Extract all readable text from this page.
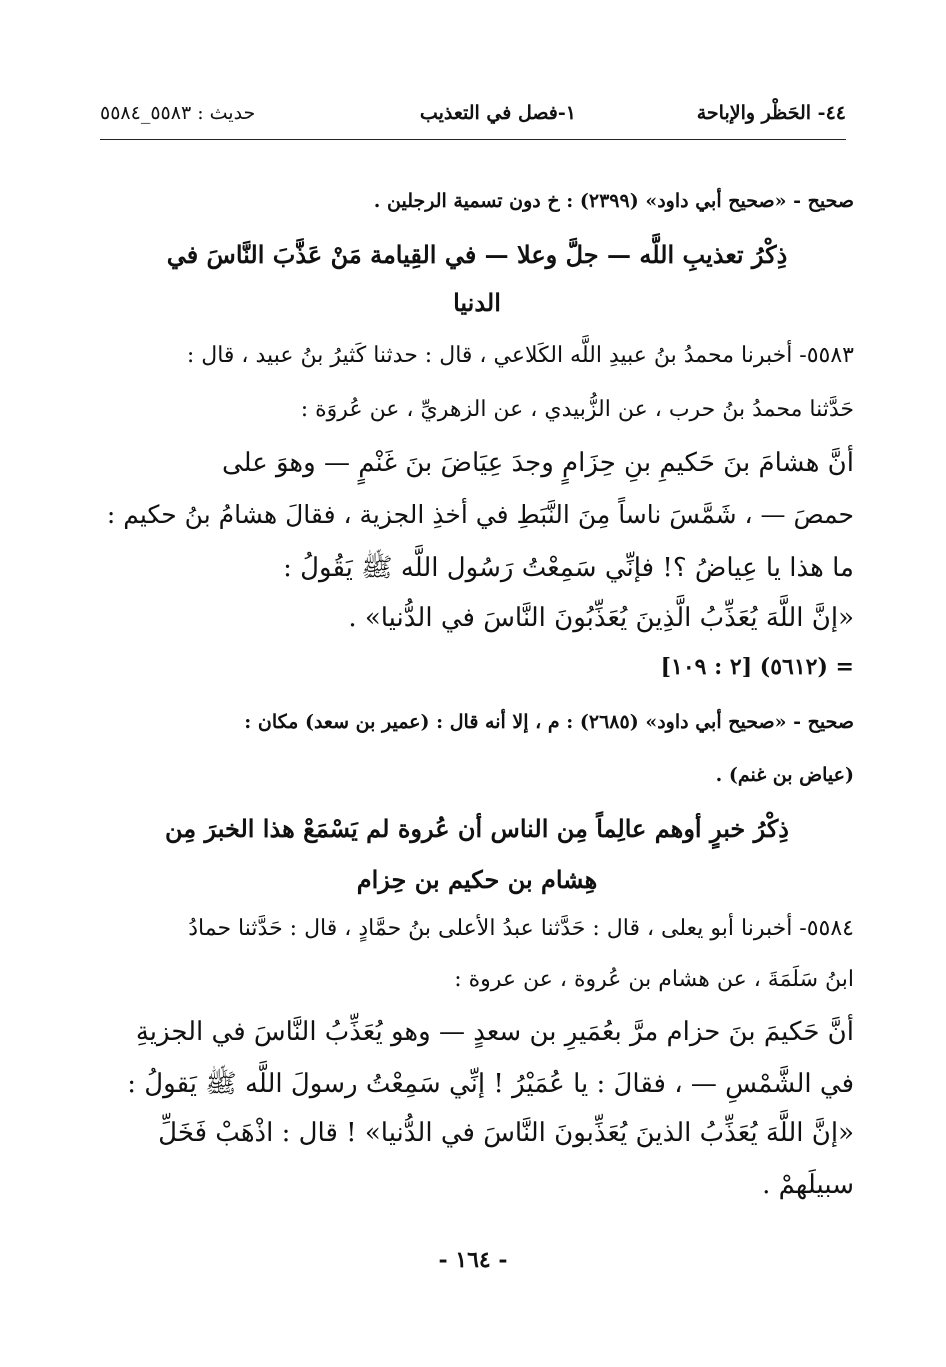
٤٤- الحَظْر والإباحة
١-فصل في التعذيب
حديث : ٥٥٨٣_٥٥٨٤
صحيح - «صحيح أبي داود» (٢٣٩٩) : خ دون تسمية الرجلين .
ذِكْرُ تعذيبِ اللَّه — جلَّ وعلا — في القِيامة مَنْ عَذَّبَ النَّاسَ في
الدنيا
٥٥٨٣- أخبرنا محمدُ بنُ عبيدِ اللَّه الكَلاعي ، قال : حدثنا كَثيرُ بنُ عبيد ، قال :
حَدَّثنا محمدُ بنُ حرب ، عن الزُّبيدي ، عن الزهريِّ ، عن عُروَة :
أنَّ هشامَ بنَ حَكيمِ بنِ حِزَامٍ وجدَ عِيَاضَ بنَ غَنْمٍ — وهوَ على
حمصَ — ، شَمَّسَ ناساً مِنَ النَّبَطِ في أخذِ الجزية ، فقالَ هشامُ بنُ حكيم :
ما هذا يا عِياضُ ؟! فإنِّي سَمِعْتُ رَسُول اللَّه ﷺ يَقُولُ :
«إنَّ اللَّهَ يُعَذِّبُ الَّذِينَ يُعَذِّبُونَ النَّاسَ في الدُّنيا» .
= (٥٦١٢) [٢ : ١٠٩]
صحيح - «صحيح أبي داود» (٢٦٨٥) : م ، إلا أنه قال : (عمير بن سعد) مكان :
(عياض بن غنم) .
ذِكْرُ خبرٍ أوهم عالِماً مِن الناس أن عُروة لم يَسْمَعْ هذا الخبرَ مِن
هِشام بن حكيم بن حِزام
٥٥٨٤- أخبرنا أبو يعلى ، قال : حَدَّثنا عبدُ الأعلى بنُ حمَّادٍ ، قال : حَدَّثنا حمادُ
ابنُ سَلَمَةَ ، عن هشام بن عُروة ، عن عروة :
أنَّ حَكيمَ بنَ حزام مرَّ بعُمَيرِ بن سعدٍ — وهو يُعَذِّبُ النَّاسَ في الجزيةِ
في الشَّمْسِ — ، فقالَ : يا عُمَيْرُ ! إنِّي سَمِعْتُ رسولَ اللَّه ﷺ يَقولُ :
«إنَّ اللَّهَ يُعَذِّبُ الذينَ يُعَذِّبونَ النَّاسَ في الدُّنيا» ! قال : اذْهَبْ فَخَلِّ
سبيلَهمْ .
- ١٦٤ -
